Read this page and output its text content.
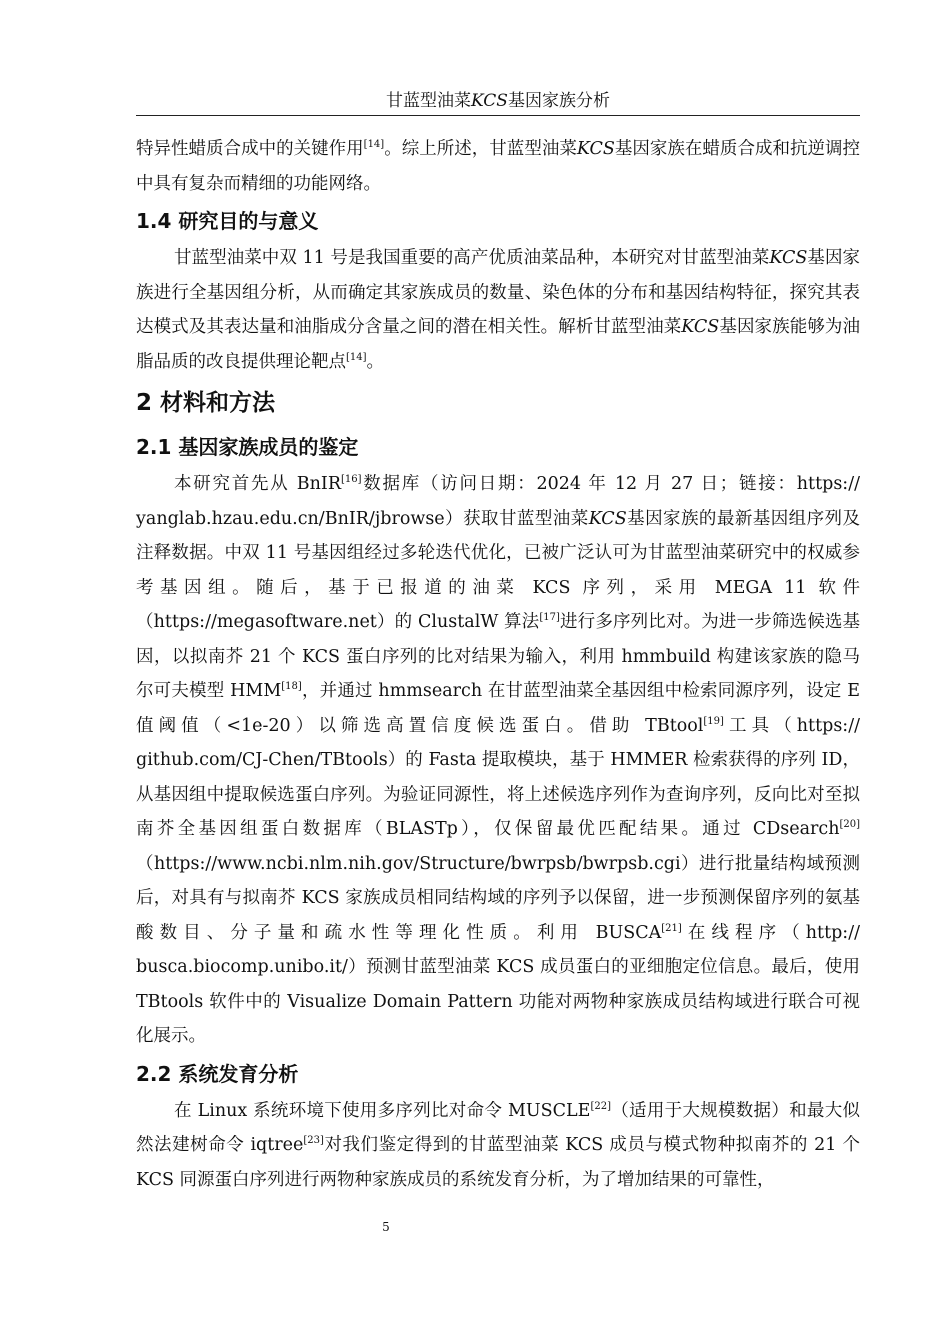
甘蓝型油菜KCS基因家族分析

特异性蜡质合成中的关键作用[14]。综上所述，甘蓝型油菜KCS基因家族在蜡质合成和抗逆调控中具有复杂而精细的功能网络。

1.4 研究目的与意义

甘蓝型油菜中双 11 号是我国重要的高产优质油菜品种，本研究对甘蓝型油菜KCS基因家族进行全基因组分析，从而确定其家族成员的数量、染色体的分布和基因结构特征，探究其表达模式及其表达量和油脂成分含量之间的潜在相关性。解析甘蓝型油菜KCS基因家族能够为油脂品质的改良提供理论靶点[14]。

2 材料和方法
2.1 基因家族成员的鉴定

本研究首先从 BnIR[16]数据库（访问日期：2024 年 12 月 27 日；链接：https:// yanglab.hzau.edu.cn/BnIR/jbrowse）获取甘蓝型油菜KCS基因家族的最新基因组序列及注释数据。中双 11 号基因组经过多轮迭代优化，已被广泛认可为甘蓝型油菜研究中的权威参考基因组。随后，基于已报道的油菜 KCS 序列，采用 MEGA 11 软件（https://megasoftware.net）的 ClustalW 算法[17]进行多序列比对。为进一步筛选候选基因，以拟南芥 21 个 KCS 蛋白序列的比对结果为输入，利用 hmmbuild 构建该家族的隐马尔可夫模型 HMM[18]，并通过 hmmsearch 在甘蓝型油菜全基因组中检索同源序列，设定 E 值阈值（<1e-20）以筛选高置信度候选蛋白。借助 TBtool[19]工具（https:// github.com/CJ-Chen/TBtools）的 Fasta 提取模块，基于 HMMER 检索获得的序列 ID，从基因组中提取候选蛋白序列。为验证同源性，将上述候选序列作为查询序列，反向比对至拟南芥全基因组蛋白数据库（BLASTp），仅保留最优匹配结果。通过 CDsearch[20]（https://www.ncbi.nlm.nih.gov/Structure/bwrpsb/bwrpsb.cgi）进行批量结构域预测后，对具有与拟南芥 KCS 家族成员相同结构域的序列予以保留，进一步预测保留序列的氨基酸数目、分子量和疏水性等理化性质。利用 BUSCA[21]在线程序（http:// busca.biocomp.unibo.it/）预测甘蓝型油菜 KCS 成员蛋白的亚细胞定位信息。最后，使用 TBtools 软件中的 Visualize Domain Pattern 功能对两物种家族成员结构域进行联合可视化展示。

2.2 系统发育分析

在 Linux 系统环境下使用多序列比对命令 MUSCLE[22]（适用于大规模数据）和最大似然法建树命令 iqtree[23]对我们鉴定得到的甘蓝型油菜 KCS 成员与模式物种拟南芥的 21 个 KCS 同源蛋白序列进行两物种家族成员的系统发育分析，为了增加结果的可靠性，

5
